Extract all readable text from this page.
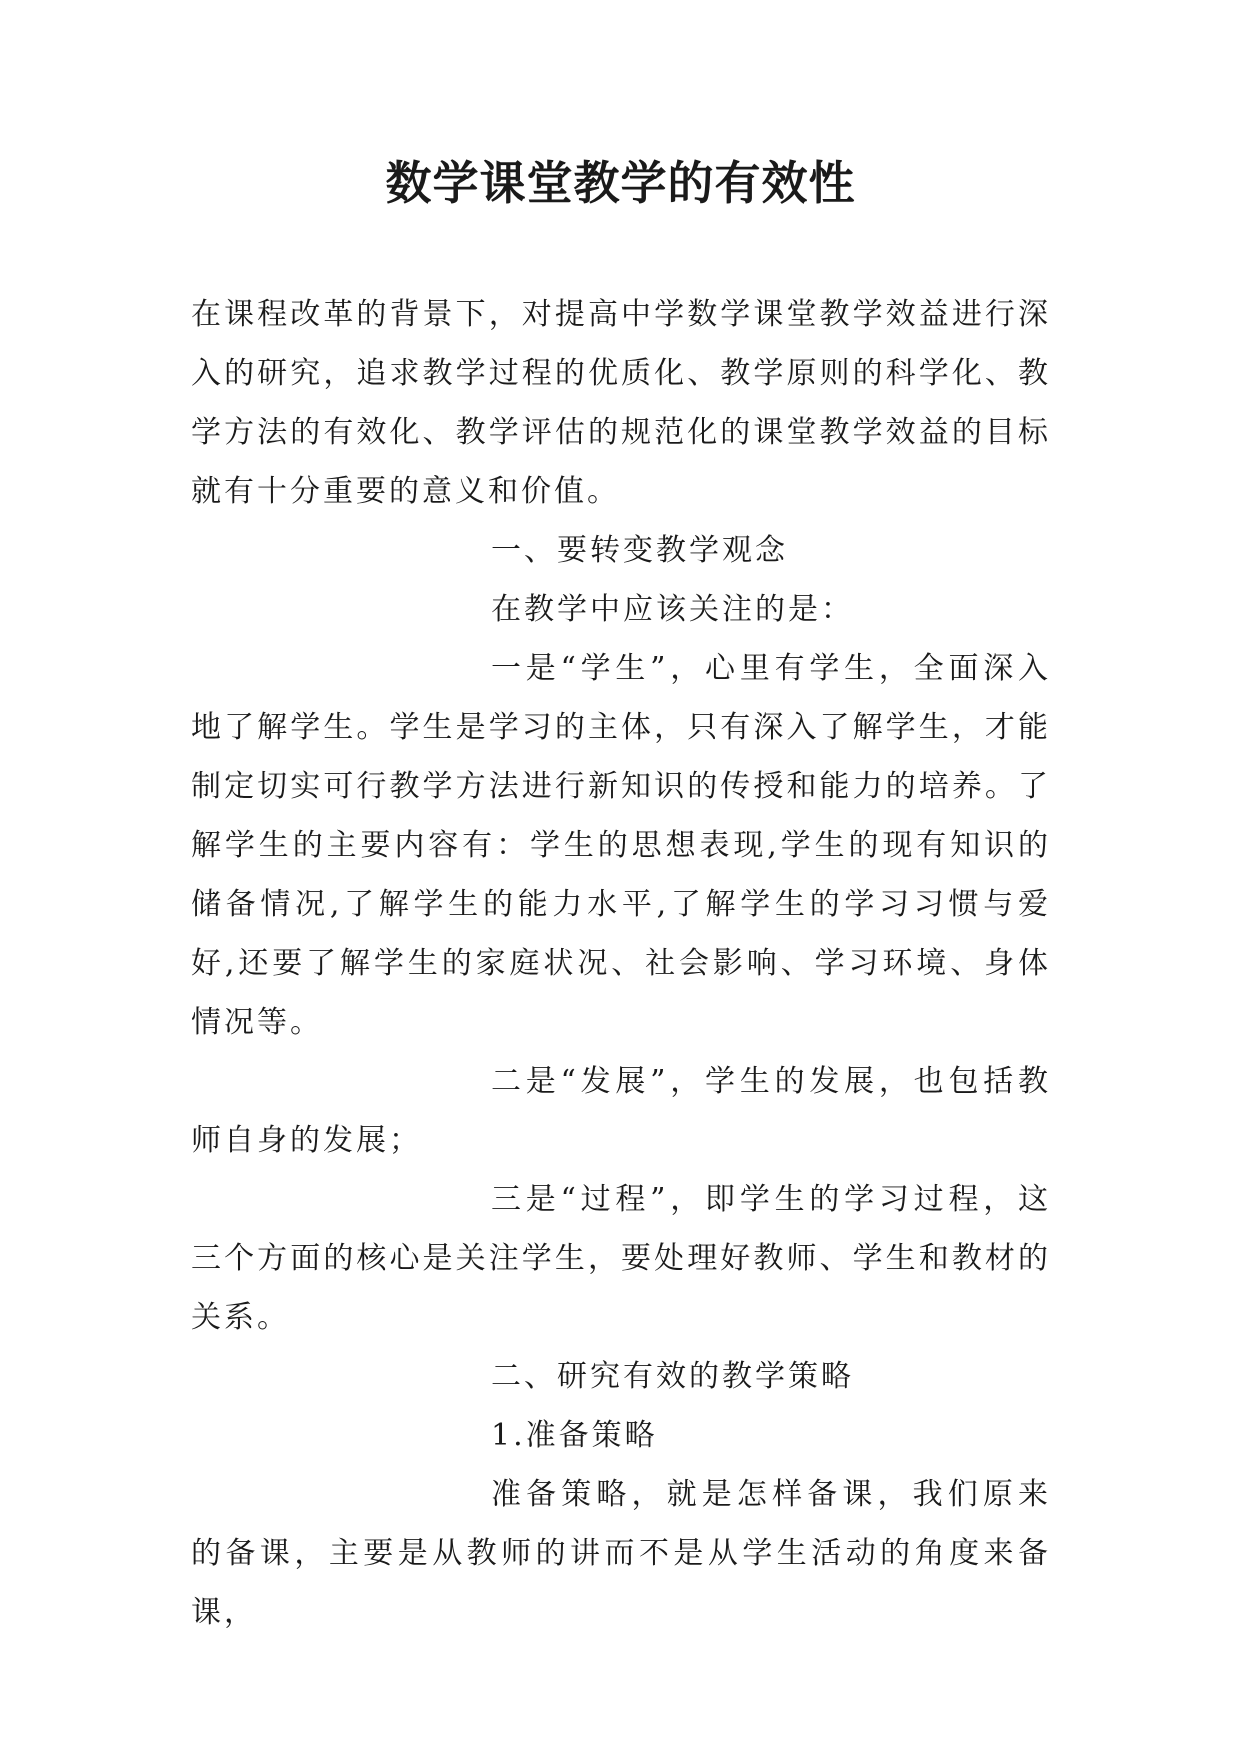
数学课堂教学的有效性

在课程改革的背景下，对提高中学数学课堂教学效益进行深入的研究，追求教学过程的优质化、教学原则的科学化、教学方法的有效化、教学评估的规范化的课堂教学效益的目标就有十分重要的意义和价值。

一、要转变教学观念

在教学中应该关注的是：

一是“学生”，心里有学生，全面深入地了解学生。学生是学习的主体，只有深入了解学生，才能制定切实可行教学方法进行新知识的传授和能力的培养。了解学生的主要内容有：学生的思想表现,学生的现有知识的储备情况,了解学生的能力水平,了解学生的学习习惯与爱好,还要了解学生的家庭状况、社会影响、学习环境、身体情况等。

二是“发展”，学生的发展，也包括教师自身的发展；

三是“过程”，即学生的学习过程，这三个方面的核心是关注学生，要处理好教师、学生和教材的关系。

二、研究有效的教学策略

1.准备策略

准备策略，就是怎样备课，我们原来的备课，主要是从教师的讲而不是从学生活动的角度来备课，
